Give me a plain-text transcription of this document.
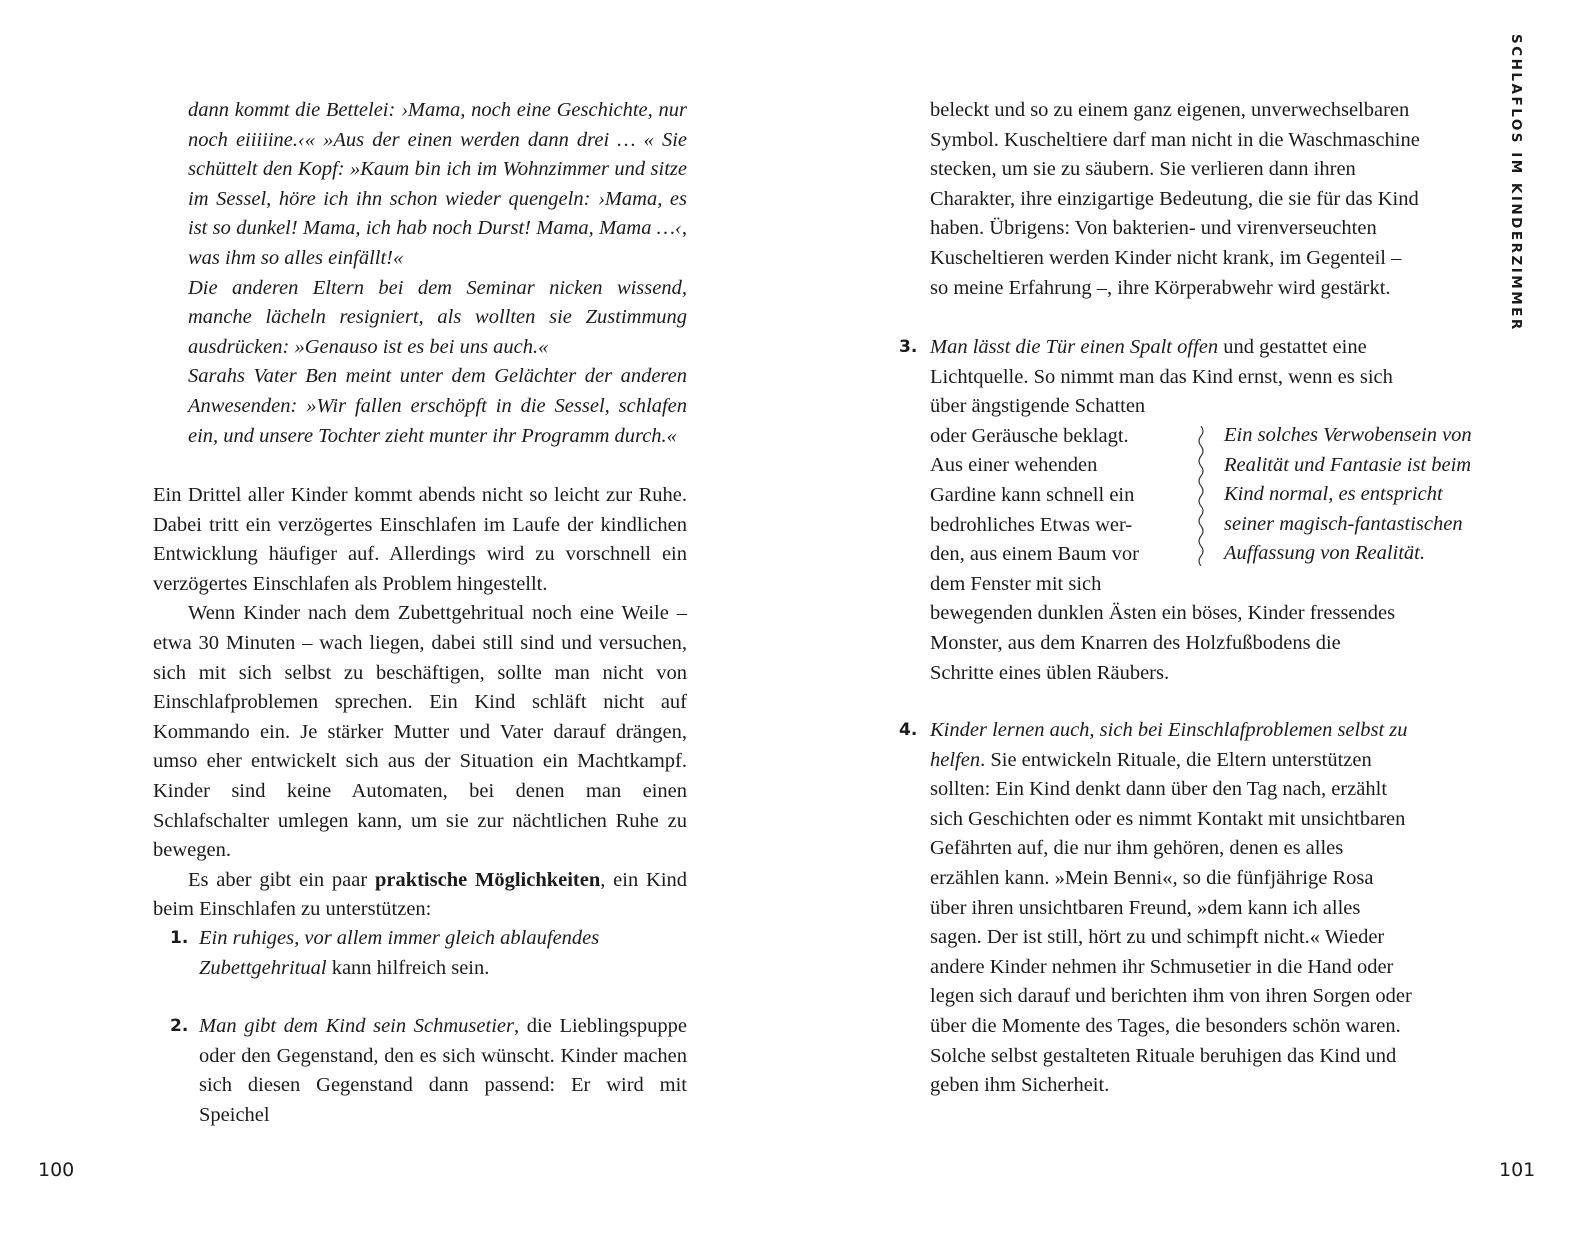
dann kommt die Bettelei: ›Mama, noch eine Geschichte, nur noch eiiiiine.‹« »Aus der einen werden dann drei … « Sie schüttelt den Kopf: »Kaum bin ich im Wohnzimmer und sitze im Sessel, höre ich ihn schon wieder quengeln: ›Mama, es ist so dunkel! Mama, ich hab noch Durst! Mama, Mama …‹, was ihm so alles einfällt!«

Die anderen Eltern bei dem Seminar nicken wissend, manche lächeln resigniert, als wollten sie Zustimmung ausdrücken: »Genauso ist es bei uns auch.«

Sarahs Vater Ben meint unter dem Gelächter der anderen Anwesenden: »Wir fallen erschöpft in die Sessel, schlafen ein, und unsere Tochter zieht munter ihr Programm durch.«

Ein Drittel aller Kinder kommt abends nicht so leicht zur Ruhe. Dabei tritt ein verzögertes Einschlafen im Laufe der kindlichen Entwicklung häufiger auf. Allerdings wird zu vorschnell ein verzögertes Einschlafen als Problem hingestellt.

Wenn Kinder nach dem Zubettgehritual noch eine Weile – etwa 30 Minuten – wach liegen, dabei still sind und versuchen, sich mit sich selbst zu beschäftigen, sollte man nicht von Einschlafproblemen sprechen. Ein Kind schläft nicht auf Kommando ein. Je stärker Mutter und Vater darauf drängen, umso eher entwickelt sich aus der Situation ein Machtkampf. Kinder sind keine Automaten, bei denen man einen Schlafschalter umlegen kann, um sie zur nächtlichen Ruhe zu bewegen.

Es aber gibt ein paar praktische Möglichkeiten, ein Kind beim Einschlafen zu unterstützen:

1. Ein ruhiges, vor allem immer gleich ablaufendes Zubettgehritual kann hilfreich sein.
2. Man gibt dem Kind sein Schmusetier, die Lieblingspuppe oder den Gegenstand, den es sich wünscht. Kinder machen sich diesen Gegenstand dann passend: Er wird mit Speichel
100
beleckt und so zu einem ganz eigenen, unverwechselbaren Symbol. Kuscheltiere darf man nicht in die Waschmaschine stecken, um sie zu säubern. Sie verlieren dann ihren Charakter, ihre einzigartige Bedeutung, die sie für das Kind haben. Übrigens: Von bakterien- und virenverseuchten Kuscheltieren werden Kinder nicht krank, im Gegenteil – so meine Erfahrung –, ihre Körperabwehr wird gestärkt.
3. Man lässt die Tür einen Spalt offen und gestattet eine
Lichtquelle. So nimmt man das Kind ernst, wenn es sich
über ängstigende Schatten
oder Geräusche beklagt.
Aus einer wehenden
Gardine kann schnell ein
bedrohliches Etwas wer-
den, aus einem Baum vor
dem Fenster mit sich
bewegenden dunklen Ästen ein böses, Kinder fressendes
Monster, aus dem Knarren des Holzfußbodens die
Schritte eines üblen Räubers.
Ein solches Verwobensein von Realität und Fantasie ist beim Kind normal, es entspricht seiner magisch-fantastischen Auffassung von Realität.
4. Kinder lernen auch, sich bei Einschlafproblemen selbst zu helfen. Sie entwickeln Rituale, die Eltern unterstützen sollten: Ein Kind denkt dann über den Tag nach, erzählt sich Geschichten oder es nimmt Kontakt mit unsichtbaren Gefährten auf, die nur ihm gehören, denen es alles erzählen kann. »Mein Benni«, so die fünfjährige Rosa über ihren unsichtbaren Freund, »dem kann ich alles sagen. Der ist still, hört zu und schimpft nicht.« Wieder andere Kinder nehmen ihr Schmusetier in die Hand oder legen sich darauf und berichten ihm von ihren Sorgen oder über die Momente des Tages, die besonders schön waren. Solche selbst gestalteten Rituale beruhigen das Kind und geben ihm Sicherheit.
SCHLAFLOS IM KINDERZIMMER
101
